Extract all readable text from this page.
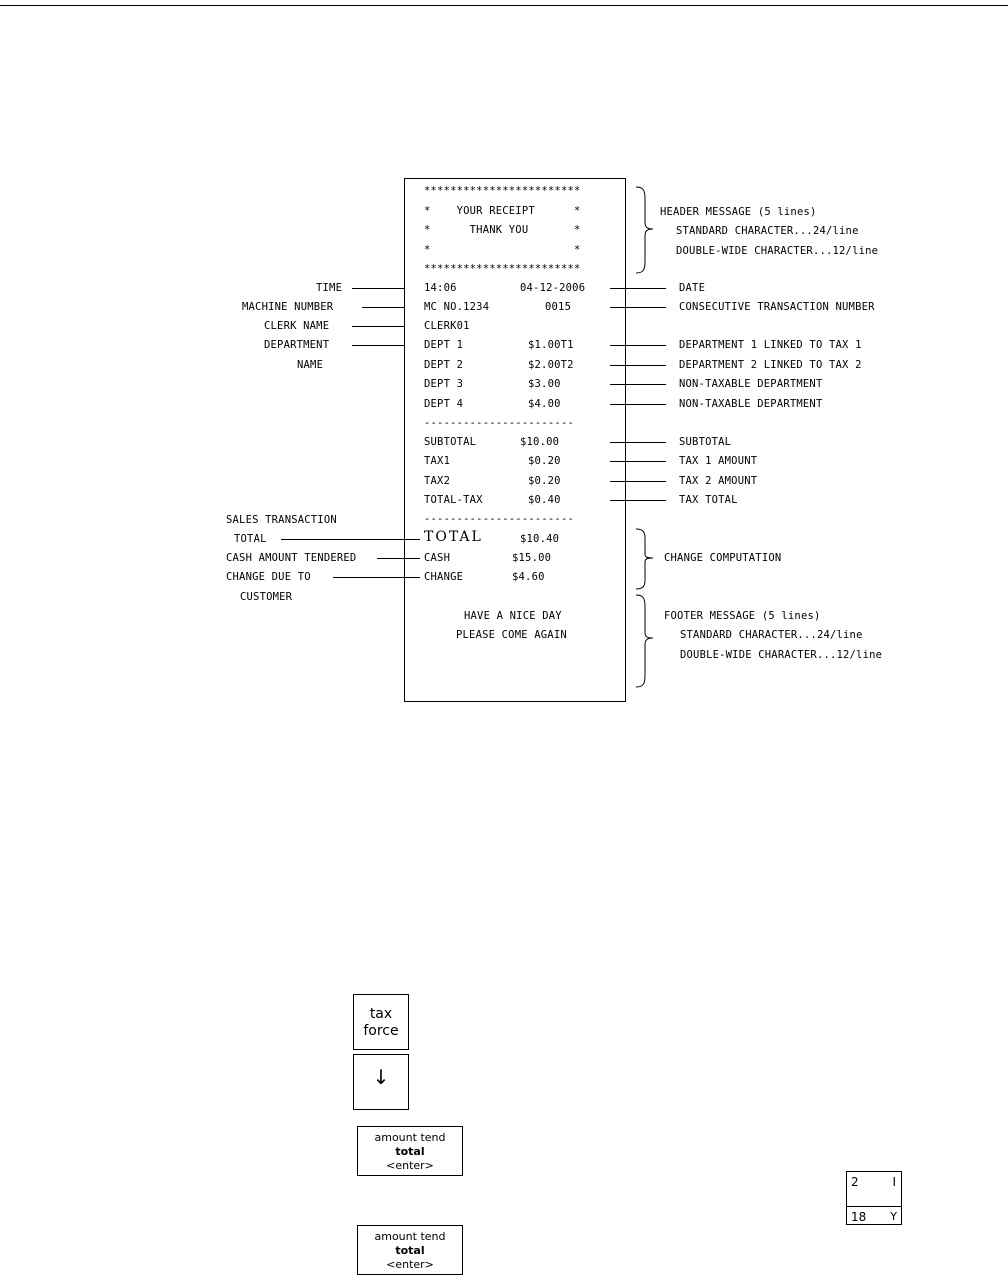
************************
*    YOUR RECEIPT      *
*      THANK YOU       *
*                      *
************************
14:06	04-12-2006
MC NO.1234	0015
CLERK01
DEPT 1	$1.00T1
DEPT 2	$2.00T2
DEPT 3	$3.00
DEPT 4	$4.00
-----------------------
SUBTOTAL	$10.00
TAX1	$0.20
TAX2	$0.20
TOTAL-TAX	$0.40
-----------------------
TOTAL	$10.40
CASH	$15.00
CHANGE	$4.60
HAVE A NICE DAY
PLEASE COME AGAIN
TIME
MACHINE NUMBER
CLERK NAME
DEPARTMENT
NAME
SALES TRANSACTION
TOTAL
CASH AMOUNT TENDERED
CHANGE DUE TO
CUSTOMER
HEADER MESSAGE (5 lines)
STANDARD CHARACTER...24/line
DOUBLE-WIDE CHARACTER...12/line
DATE
CONSECUTIVE TRANSACTION NUMBER
DEPARTMENT 1 LINKED TO TAX 1
DEPARTMENT 2 LINKED TO TAX 2
NON-TAXABLE DEPARTMENT
NON-TAXABLE DEPARTMENT
SUBTOTAL
TAX 1 AMOUNT
TAX 2 AMOUNT
TAX TOTAL
CHANGE COMPUTATION
FOOTER MESSAGE (5 lines)
STANDARD CHARACTER...24/line
DOUBLE-WIDE CHARACTER...12/line
tax
force
↓
amount tend
total
<enter>
amount tend
total
<enter>
2	I
18 Y
